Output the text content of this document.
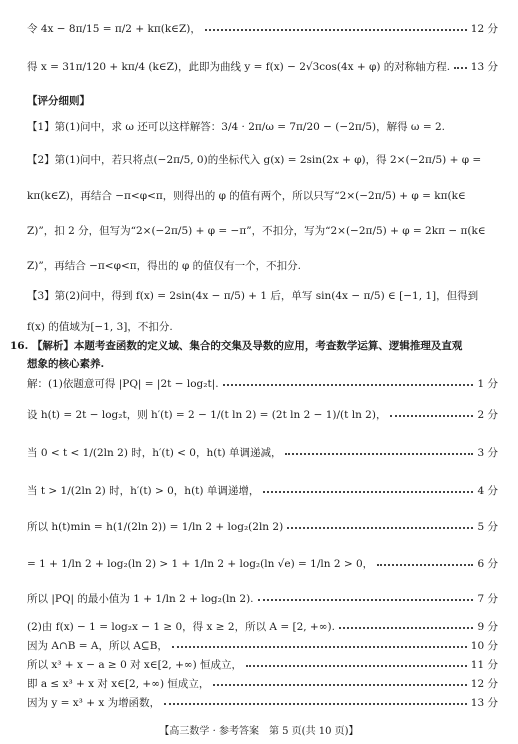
令 4x − 8π/15 = π/2 + kπ(k∈Z)，	12 分
得 x = 31π/120 + kπ/4 (k∈Z)，此即为曲线 y = f(x) − 2√3cos(4x + φ) 的对称轴方程. 13 分
【评分细则】
【1】第(1)问中，求 ω 还可以这样解答：3/4 · 2π/ω = 7π/20 − (−2π/5)，解得 ω = 2.
【2】第(1)问中，若只将点(−2π/5, 0)的坐标代入 g(x) = 2sin(2x + φ)，得 2×(−2π/5) + φ =
kπ(k∈Z)，再结合 −π<φ<π，则得出的 φ 的值有两个，所以只写“2×(−2π/5) + φ = kπ(k∈
Z)”，扣 2 分，但写为“2×(−2π/5) + φ = −π”，不扣分，写为“2×(−2π/5) + φ = 2kπ − π(k∈
Z)”，再结合 −π<φ<π，得出的 φ 的值仅有一个，不扣分.
【3】第(2)问中，得到 f(x) = 2sin(4x − π/5) + 1 后，单写 sin(4x − π/5) ∈ [−1, 1]，但得到
f(x) 的值域为[−1, 3]，不扣分.
16. 【解析】本题考查函数的定义域、集合的交集及导数的应用，考查数学运算、逻辑推理及直观
想象的核心素养.
解：(1)依题意可得 |PQ| = |2t − log₂t|.	1 分
设 h(t) = 2t − log₂t，则 h′(t) = 2 − 1/(t ln 2) = (2t ln 2 − 1)/(t ln 2)，	2 分
当 0 < t < 1/(2ln 2) 时，h′(t) < 0，h(t) 单调递减，	3 分
当 t > 1/(2ln 2) 时，h′(t) > 0，h(t) 单调递增，	4 分
所以 h(t)min = h(1/(2ln 2)) = 1/ln 2 + log₂(2ln 2)	5 分
= 1 + 1/ln 2 + log₂(ln 2) > 1 + 1/ln 2 + log₂(ln √e) = 1/ln 2 > 0，	6 分
所以 |PQ| 的最小值为 1 + 1/ln 2 + log₂(ln 2).	7 分
(2)由 f(x) − 1 = log₂x − 1 ≥ 0，得 x ≥ 2，所以 A = [2, +∞).	9 分
因为 A∩B = A，所以 A⊆B，	10 分
所以 x³ + x − a ≥ 0 对 x∈[2, +∞) 恒成立，	11 分
即 a ≤ x³ + x 对 x∈[2, +∞) 恒成立，	12 分
因为 y = x³ + x 为增函数，	13 分
【高三数学 · 参考答案　第 5 页(共 10 页)】
